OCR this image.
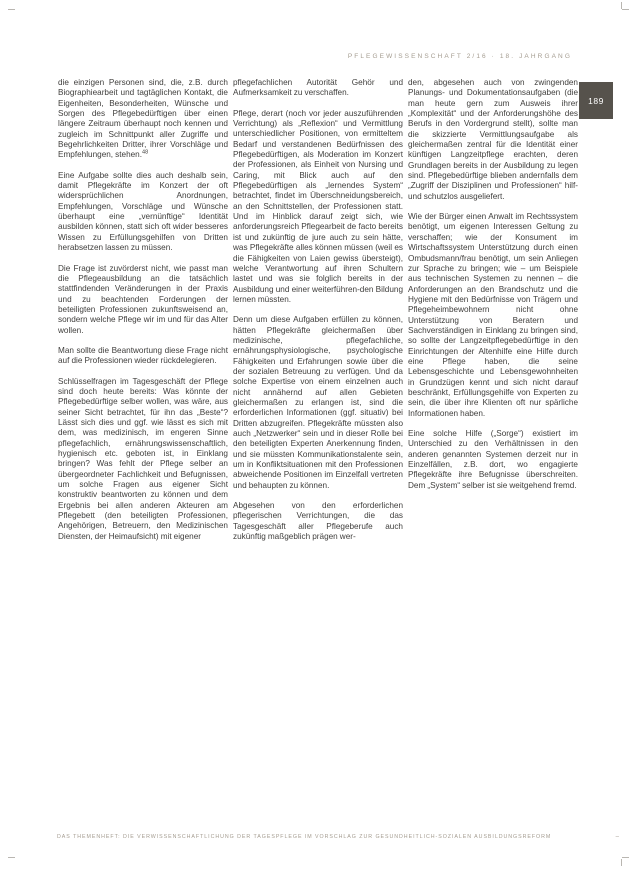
PFLEGEWISSENSCHAFT 2/16 · 18. JAHRGANG
189

die einzigen Personen sind, die, z.B. durch Biographiearbeit und tagtäglichen Kontakt, die Eigenheiten, Besonderheiten, Wünsche und Sorgen des Pflegebedürftigen über einen längere Zeitraum überhaupt noch kennen und zugleich im Schnittpunkt aller Zugriffe und Begehrlichkeiten Dritter, ihrer Vorschläge und Empfehlungen, stehen.$^{48}$

Eine Aufgabe sollte dies auch deshalb sein, damit Pflegekräfte im Konzert der oft widersprüchlichen Anordnungen, Empfehlungen, Vorschläge und Wünsche überhaupt eine „vernünftige“ Identität ausbilden können, statt sich oft wider besseres Wissen zu Erfüllungsgehilfen von Dritten herabsetzen lassen zu müssen.

Die Frage ist zuvörderst nicht, wie passt man die Pflegeausbildung an die tatsächlich stattfindenden Veränderungen in der Praxis und zu beachtenden Forderungen der beteiligten Professionen zukunftsweisend an, sondern welche Pflege wir im und für das Alter wollen.

Man sollte die Beantwortung diese Frage nicht auf die Professionen wieder rückdelegieren.

Schlüsselfragen im Tagesgeschäft der Pflege sind doch heute bereits: Was könnte der Pflegebedürftige selber wollen, was wäre, aus seiner Sicht betrachtet, für ihn das „Beste“? Lässt sich dies und ggf. wie lässt es sich mit dem, was medizinisch, im engeren Sinne pflegefachlich, ernährungswissenschaftlich, hygienisch etc. geboten ist, in Einklang bringen? Was fehlt der Pflege selber an übergeordneter Fachlichkeit und Befugnissen, um solche Fragen aus eigener Sicht konstruktiv beantworten zu können und dem Ergebnis bei allen anderen Akteuren am Pflegebett (den beteiligten Professionen, Angehörigen, Betreuern, den Medizinischen Diensten, der Heimaufsicht) mit eigener

pflegefachlichen Autorität Gehör und Aufmerksamkeit zu verschaffen.

Pflege, derart (noch vor jeder auszuführenden Verrichtung) als „Reflexion“ und Vermittlung unterschiedlicher Positionen, von ermitteltem Bedarf und verstandenen Bedürfnissen des Pflegebedürftigen, als Moderation im Konzert der Professionen, als Einheit von Nursing und Caring, mit Blick auch auf den Pflegebedürftigen als „lernendes System“ betrachtet, findet im Überschneidungsbereich, an den Schnittstellen, der Professionen statt. Und im Hinblick darauf zeigt sich, wie anforderungsreich Pflegearbeit de facto bereits ist und zukünftig de jure auch zu sein hätte, was Pflegekräfte alles können müssen (weil es die Fähigkeiten von Laien gewiss übersteigt), welche Verantwortung auf ihren Schultern lastet und was sie folglich bereits in der Ausbildung und einer weiterführen-den Bildung lernen müssten.

Denn um diese Aufgaben erfüllen zu können, hätten Pflegekräfte gleichermaßen über medizinische, pflegefachliche, ernährungsphysiologische, psychologische Fähigkeiten und Erfahrungen sowie über die der sozialen Betreuung zu verfügen. Und da solche Expertise von einem einzelnen auch nicht annähernd auf allen Gebieten gleichermaßen zu erlangen ist, sind die erforderlichen Informationen (ggf. situativ) bei Dritten abzugreifen. Pflegekräfte müssten also auch „Netzwerker“ sein und in dieser Rolle bei den beteiligten Experten Anerkennung finden, und sie müssten Kommunikationstalente sein, um in Konfliktsituationen mit den Professionen abweichende Positionen im Einzelfall vertreten und behaupten zu können.

Abgesehen von den erforderlichen pflegerischen Verrichtungen, die das Tagesgeschäft aller Pflegeberufe auch zukünftig maßgeblich prägen wer-

den, abgesehen auch von zwingenden Planungs- und Dokumentationsaufgaben (die man heute gern zum Ausweis ihrer „Komplexität“ und der Anforderungshöhe des Berufs in den Vordergrund stellt), sollte man die skizzierte Vermittlungsaufgabe als gleichermaßen zentral für die Identität einer künftigen Langzeitpflege erachten, deren Grundlagen bereits in der Ausbildung zu legen sind. Pflegebedürftige blieben andernfalls dem „Zugriff der Disziplinen und Professionen“ hilf- und schutzlos ausgeliefert.

Wie der Bürger einen Anwalt im Rechtssystem benötigt, um eigenen Interessen Geltung zu verschaffen; wie der Konsument im Wirtschaftssystem Unterstützung durch einen Ombudsmann/frau benötigt, um sein Anliegen zur Sprache zu bringen; wie – um Beispiele aus technischen Systemen zu nennen – die Anforderungen an den Brandschutz und die Hygiene mit den Bedürfnisse von Trägern und Pflegeheimbewohnern nicht ohne Unterstützung von Beratern und Sachverständigen in Einklang zu bringen sind, so sollte der Langzeitpflegebedürftige in den Einrichtungen der Altenhilfe eine Hilfe durch eine Pflege haben, die seine Lebensgeschichte und Lebensgewohnheiten in Grundzügen kennt und sich nicht darauf beschränkt, Erfüllungsgehilfe von Experten zu sein, die über ihre Klienten oft nur spärliche Informationen haben.

Eine solche Hilfe („Sorge“) existiert im Unterschied zu den Verhältnissen in den anderen genannten Systemen derzeit nur in Einzelfällen, z.B. dort, wo engagierte Pflegekräfte ihre Befugnisse überschreiten. Dem „System“ selber ist sie weitgehend fremd.

DAS THEMENHEFT: DIE VERWISSENSCHAFTLICHUNG DER TAGESPFLEGE IM VORSCHLAG ZUR GESUNDHEITLICH-SOZIALEN AUSBILDUNGSREFORM	–
